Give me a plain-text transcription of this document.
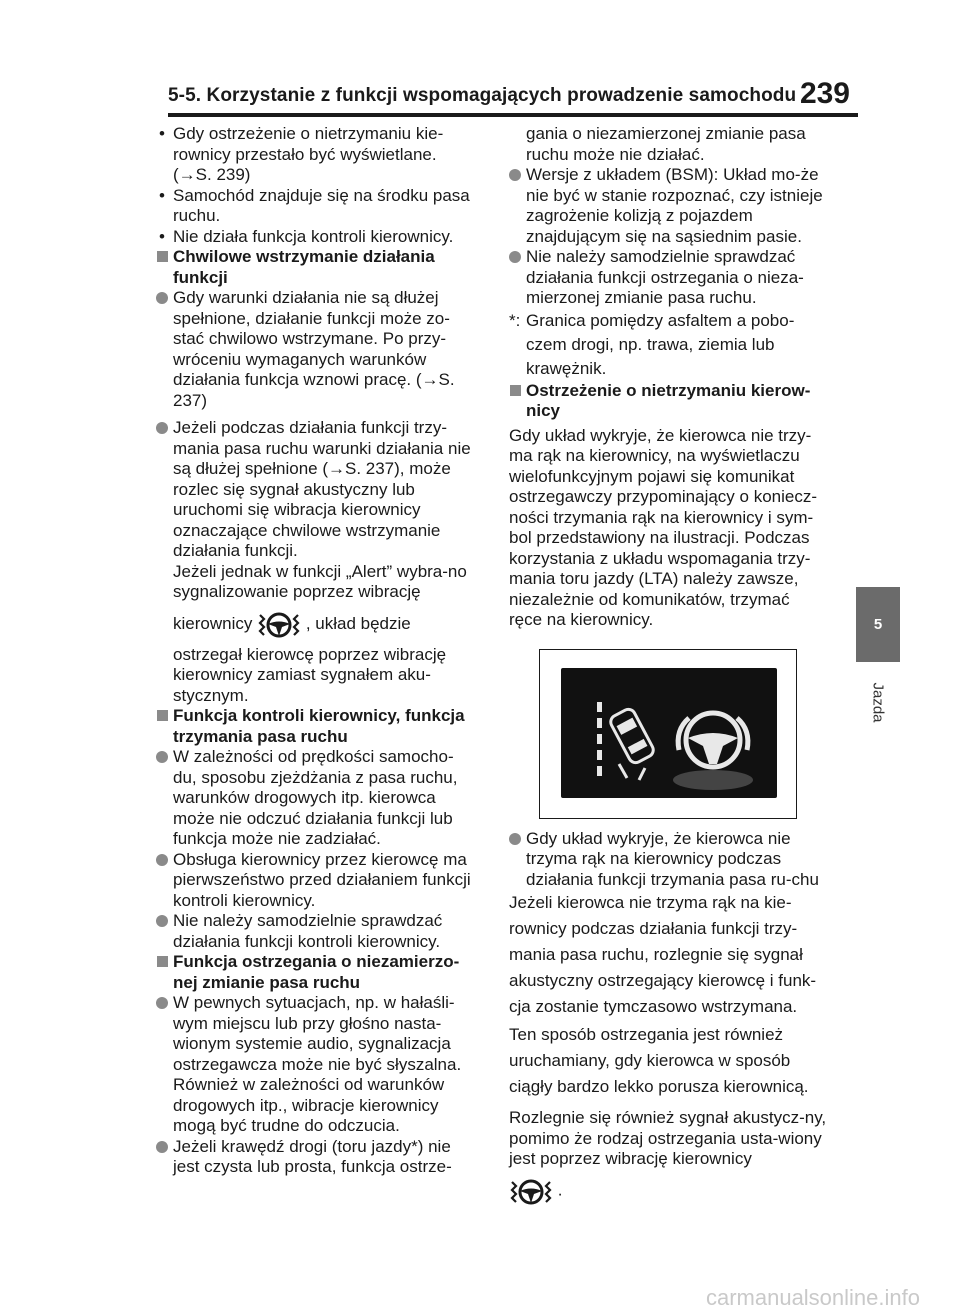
5-5. Korzystanie z funkcji wspomagających prowadzenie samochodu 239

• Gdy ostrzeżenie o nietrzymaniu kie-rownicy przestało być wyświetlane. (→S. 239)

• Samochód znajduje się na środku pasa ruchu.

• Nie działa funkcja kontroli kierownicy.

Chwilowe wstrzymanie działania funkcji

Gdy warunki działania nie są dłużej spełnione, działanie funkcji może zo-stać chwilowo wstrzymane. Po przy-wróceniu wymaganych warunków działania funkcja wznowi pracę. (→S. 237)

Jeżeli podczas działania funkcji trzy-mania pasa ruchu warunki działania nie są dłużej spełnione (→S. 237), może rozlec się sygnał akustyczny lub uruchomi się wibracja kierownicy oznaczające chwilowe wstrzymanie działania funkcji.

Jeżeli jednak w funkcji „Alert” wybra-no sygnalizowanie poprzez wibrację

kierownicy	, układ będzie

ostrzegał kierowcę poprzez wibrację kierownicy zamiast sygnałem aku-stycznym.

Funkcja kontroli kierownicy, funkcja trzymania pasa ruchu

W zależności od prędkości samocho-du, sposobu zjeżdżania z pasa ruchu, warunków drogowych itp. kierowca może nie odczuć działania funkcji lub funkcja może nie zadziałać.

Obsługa kierownicy przez kierowcę ma pierwszeństwo przed działaniem funkcji kontroli kierownicy.

Nie należy samodzielnie sprawdzać działania funkcji kontroli kierownicy.

Funkcja ostrzegania o niezamierzo-nej zmianie pasa ruchu

W pewnych sytuacjach, np. w hałaśli-wym miejscu lub przy głośno nasta-wionym systemie audio, sygnalizacja ostrzegawcza może nie być słyszalna. Również w zależności od warunków drogowych itp., wibracje kierownicy mogą być trudne do odczucia.

Jeżeli krawędź drogi (toru jazdy*) nie jest czysta lub prosta, funkcja ostrze-

gania o niezamierzonej zmianie pasa ruchu może nie działać.

Wersje z układem (BSM): Układ mo-że nie być w stanie rozpoznać, czy istnieje zagrożenie kolizją z pojazdem znajdującym się na sąsiednim pasie.

Nie należy samodzielnie sprawdzać działania funkcji ostrzegania o nieza-mierzonej zmianie pasa ruchu.

*: Granica pomiędzy asfaltem a pobo-czem drogi, np. trawa, ziemia lub krawężnik.

Ostrzeżenie o nietrzymaniu kierow-nicy

Gdy układ wykryje, że kierowca nie trzy-ma rąk na kierownicy, na wyświetlaczu wielofunkcyjnym pojawi się komunikat ostrzegawczy przypominający o koniecz-ności trzymania rąk na kierownicy i sym-bol przedstawiony na ilustracji. Podczas korzystania z układu wspomagania trzy-mania toru jazdy (LTA) należy zawsze, niezależnie od komunikatów, trzymać ręce na kierownicy.

Gdy układ wykryje, że kierowca nie trzyma rąk na kierownicy podczas działania funkcji trzymania pasa ru-chu

Jeżeli kierowca nie trzyma rąk na kie-rownicy podczas działania funkcji trzy-mania pasa ruchu, rozlegnie się sygnał akustyczny ostrzegający kierowcę i funk-cja zostanie tymczasowo wstrzymana.

Ten sposób ostrzegania jest również uruchamiany, gdy kierowca w sposób ciągły bardzo lekko porusza kierownicą.

Rozlegnie się również sygnał akustycz-ny, pomimo że rodzaj ostrzegania usta-wiony jest poprzez wibrację kierownicy

.

5
Jazda
carmanualsonline.info
